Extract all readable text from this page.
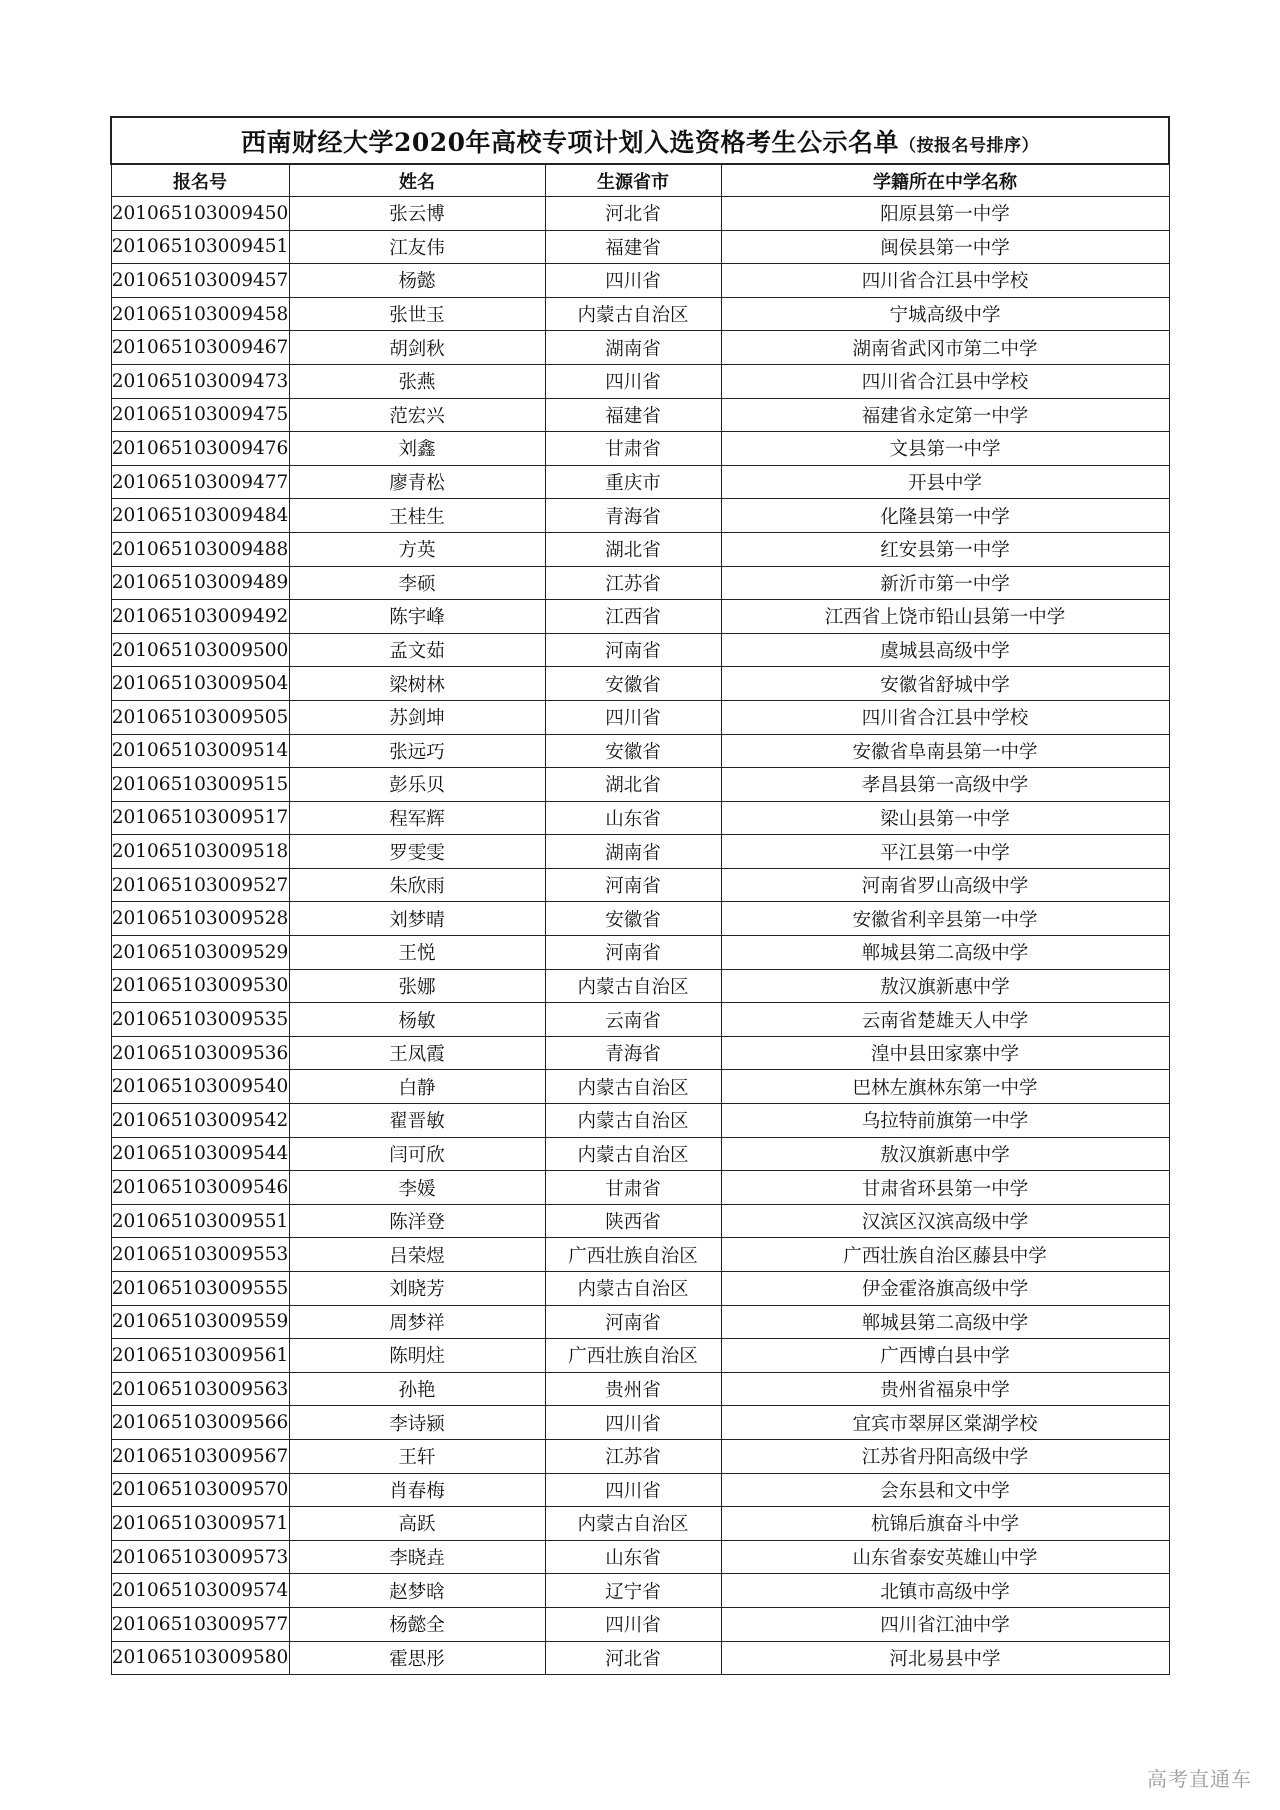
西南财经大学2020年高校专项计划入选资格考生公示名单（按报名号排序）			
报名号	姓名	生源省市	学籍所在中学名称
201065103009450	张云博	河北省	阳原县第一中学
201065103009451	江友伟	福建省	闽侯县第一中学
201065103009457	杨懿	四川省	四川省合江县中学校
201065103009458	张世玉	内蒙古自治区	宁城高级中学
201065103009467	胡剑秋	湖南省	湖南省武冈市第二中学
201065103009473	张燕	四川省	四川省合江县中学校
201065103009475	范宏兴	福建省	福建省永定第一中学
201065103009476	刘鑫	甘肃省	文县第一中学
201065103009477	廖青松	重庆市	开县中学
201065103009484	王桂生	青海省	化隆县第一中学
201065103009488	方英	湖北省	红安县第一中学
201065103009489	李硕	江苏省	新沂市第一中学
201065103009492	陈宇峰	江西省	江西省上饶市铅山县第一中学
201065103009500	孟文茹	河南省	虞城县高级中学
201065103009504	梁树林	安徽省	安徽省舒城中学
201065103009505	苏剑坤	四川省	四川省合江县中学校
201065103009514	张远巧	安徽省	安徽省阜南县第一中学
201065103009515	彭乐贝	湖北省	孝昌县第一高级中学
201065103009517	程军辉	山东省	梁山县第一中学
201065103009518	罗雯雯	湖南省	平江县第一中学
201065103009527	朱欣雨	河南省	河南省罗山高级中学
201065103009528	刘梦晴	安徽省	安徽省利辛县第一中学
201065103009529	王悦	河南省	郸城县第二高级中学
201065103009530	张娜	内蒙古自治区	敖汉旗新惠中学
201065103009535	杨敏	云南省	云南省楚雄天人中学
201065103009536	王凤霞	青海省	湟中县田家寨中学
201065103009540	白静	内蒙古自治区	巴林左旗林东第一中学
201065103009542	翟晋敏	内蒙古自治区	乌拉特前旗第一中学
201065103009544	闫可欣	内蒙古自治区	敖汉旗新惠中学
201065103009546	李媛	甘肃省	甘肃省环县第一中学
201065103009551	陈洋登	陕西省	汉滨区汉滨高级中学
201065103009553	吕荣煜	广西壮族自治区	广西壮族自治区藤县中学
201065103009555	刘晓芳	内蒙古自治区	伊金霍洛旗高级中学
201065103009559	周梦祥	河南省	郸城县第二高级中学
201065103009561	陈明炷	广西壮族自治区	广西博白县中学
201065103009563	孙艳	贵州省	贵州省福泉中学
201065103009566	李诗颍	四川省	宜宾市翠屏区棠湖学校
201065103009567	王轩	江苏省	江苏省丹阳高级中学
201065103009570	肖春梅	四川省	会东县和文中学
201065103009571	高跃	内蒙古自治区	杭锦后旗奋斗中学
201065103009573	李晓垚	山东省	山东省泰安英雄山中学
201065103009574	赵梦晗	辽宁省	北镇市高级中学
201065103009577	杨懿全	四川省	四川省江油中学
201065103009580	霍思彤	河北省	河北易县中学
高考直通车
